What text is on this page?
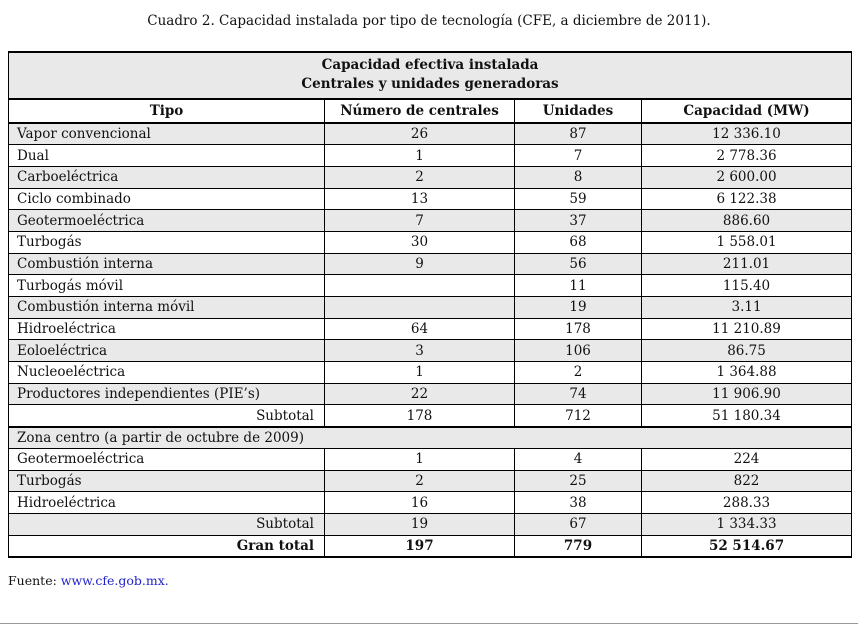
Cuadro 2. Capacidad instalada por tipo de tecnología (CFE, a diciembre de 2011).
Capacidad efectiva instalada
Centrales y unidades generadoras			

Tipo	Número de centrales	Unidades	Capacidad (MW)
Vapor convencional	26	87	12 336.10
Dual	1	7	2 778.36
Carboeléctrica	2	8	2 600.00
Ciclo combinado	13	59	6 122.38
Geotermoeléctrica	7	37	886.60
Turbogás	30	68	1 558.01
Combustión interna	9	56	211.01
Turbogás móvil		11	115.40
Combustión interna móvil		19	3.11
Hidroeléctrica	64	178	11 210.89
Eoloeléctrica	3	106	86.75
Nucleoeléctrica	1	2	1 364.88
Productores independientes (PIE’s)	22	74	11 906.90
Subtotal	178	712	51 180.34
Zona centro (a partir de octubre de 2009)			
Geotermoeléctrica	1	4	224
Turbogás	2	25	822
Hidroeléctrica	16	38	288.33
Subtotal	19	67	1 334.33
Gran total	197	779	52 514.67
Fuente: www.cfe.gob.mx.
